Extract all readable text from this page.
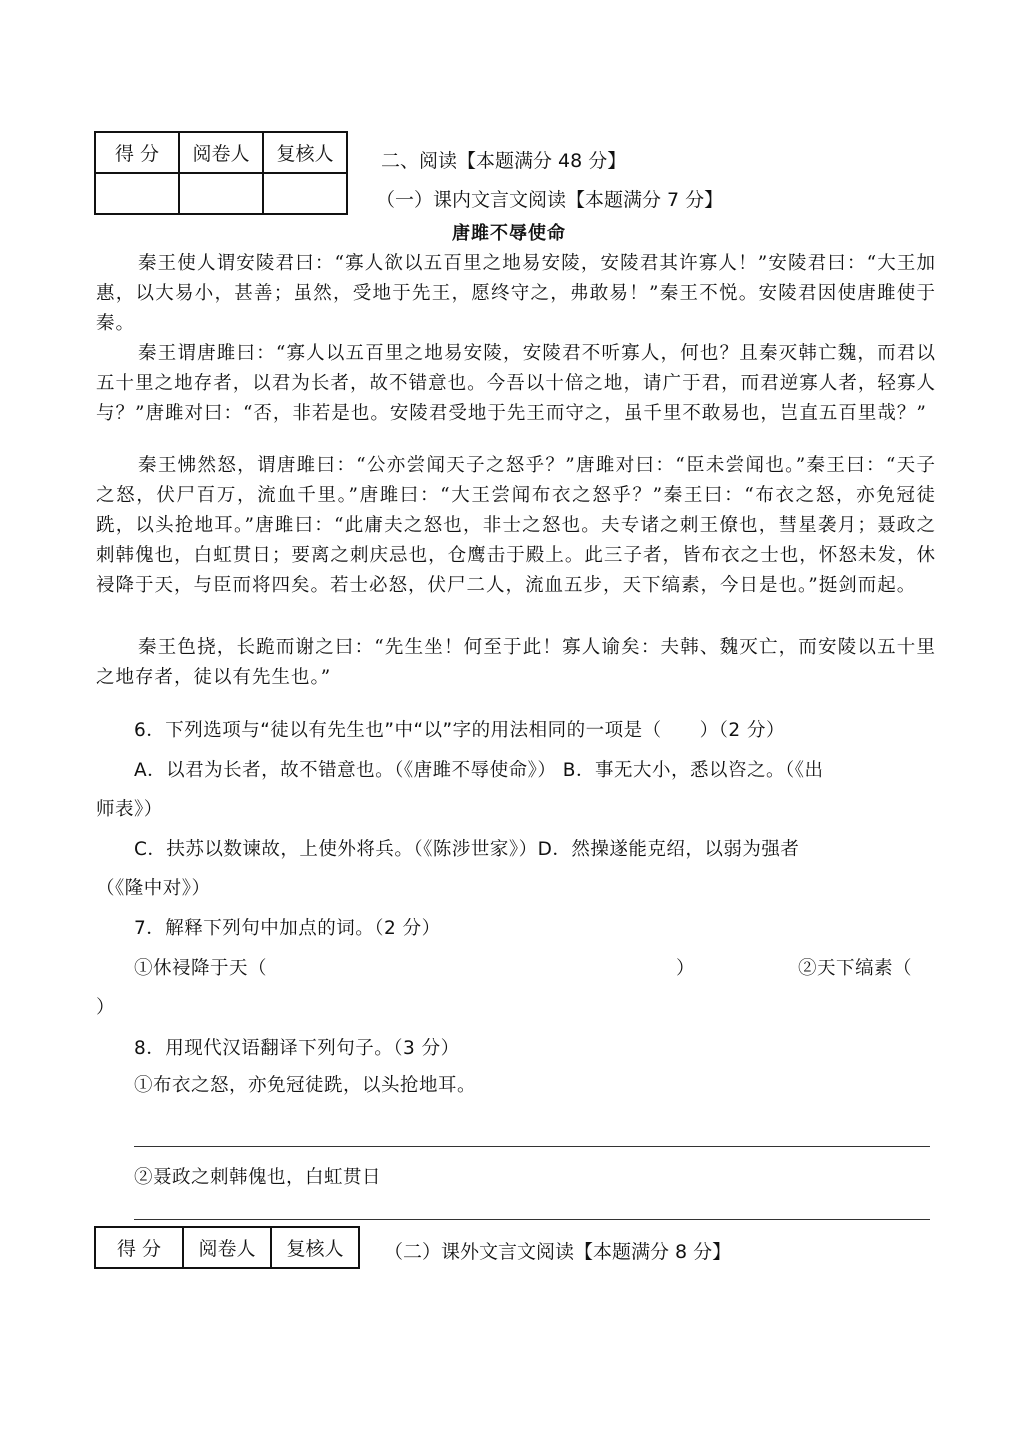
得 分	阅卷人	复核人
			二、阅读【本题满分 48 分】
（一）课内文言文阅读【本题满分 7 分】
唐雎不辱使命
秦王使人谓安陵君曰：“寡人欲以五百里之地易安陵，安陵君其许寡人！”安陵君曰：“大王加惠，以大易小，甚善；虽然，受地于先王，愿终守之，弗敢易！”秦王不悦。安陵君因使唐雎使于秦。
秦王谓唐雎曰：“寡人以五百里之地易安陵，安陵君不听寡人，何也？且秦灭韩亡魏，而君以五十里之地存者，以君为长者，故不错意也。今吾以十倍之地，请广于君，而君逆寡人者，轻寡人与？”唐雎对曰：“否，非若是也。安陵君受地于先王而守之，虽千里不敢易也，岂直五百里哉？”
秦王怫然怒，谓唐雎曰：“公亦尝闻天子之怒乎？”唐雎对曰：“臣未尝闻也。”秦王曰：“天子之怒，伏尸百万，流血千里。”唐雎曰：“大王尝闻布衣之怒乎？”秦王曰：“布衣之怒，亦免冠徒跣，以头抢地耳。”唐雎曰：“此庸夫之怒也，非士之怒也。夫专诸之刺王僚也，彗星袭月；聂政之刺韩傀也，白虹贯日；要离之刺庆忌也，仓鹰击于殿上。此三子者，皆布衣之士也，怀怒未发，休 祲降于天，与臣而将四矣。若士必怒，伏尸二人，流血五步，天下缟素，今日是也。”挺剑而起。
秦王色挠，长跪而谢之曰：“先生坐！何至于此！寡人谕矣：夫韩、魏灭亡，而安陵以五十里之地存者，徒以有先生也。”
6．下列选项与“徒以有先生也”中“以”字的用法相同的一项是（　　）（2 分）
A．以君为长者，故不错意也。（《唐雎不辱使命》） B．事无大小，悉以咨之。（《出
师表》）
C．扶苏以数谏故，上使外将兵。（《陈涉世家》）D．然操遂能克绍，以弱为强者
（《隆中对》）
7．解释下列句中加点的词。（2 分）
①休祲降于天（	）	②天下缟素（
）
8．用现代汉语翻译下列句子。（3 分）
①布衣之怒，亦免冠徒跣，以头抢地耳。
②聂政之刺韩傀也，白虹贯日
得 分	阅卷人	复核人 （二）课外文言文阅读【本题满分 8 分】
